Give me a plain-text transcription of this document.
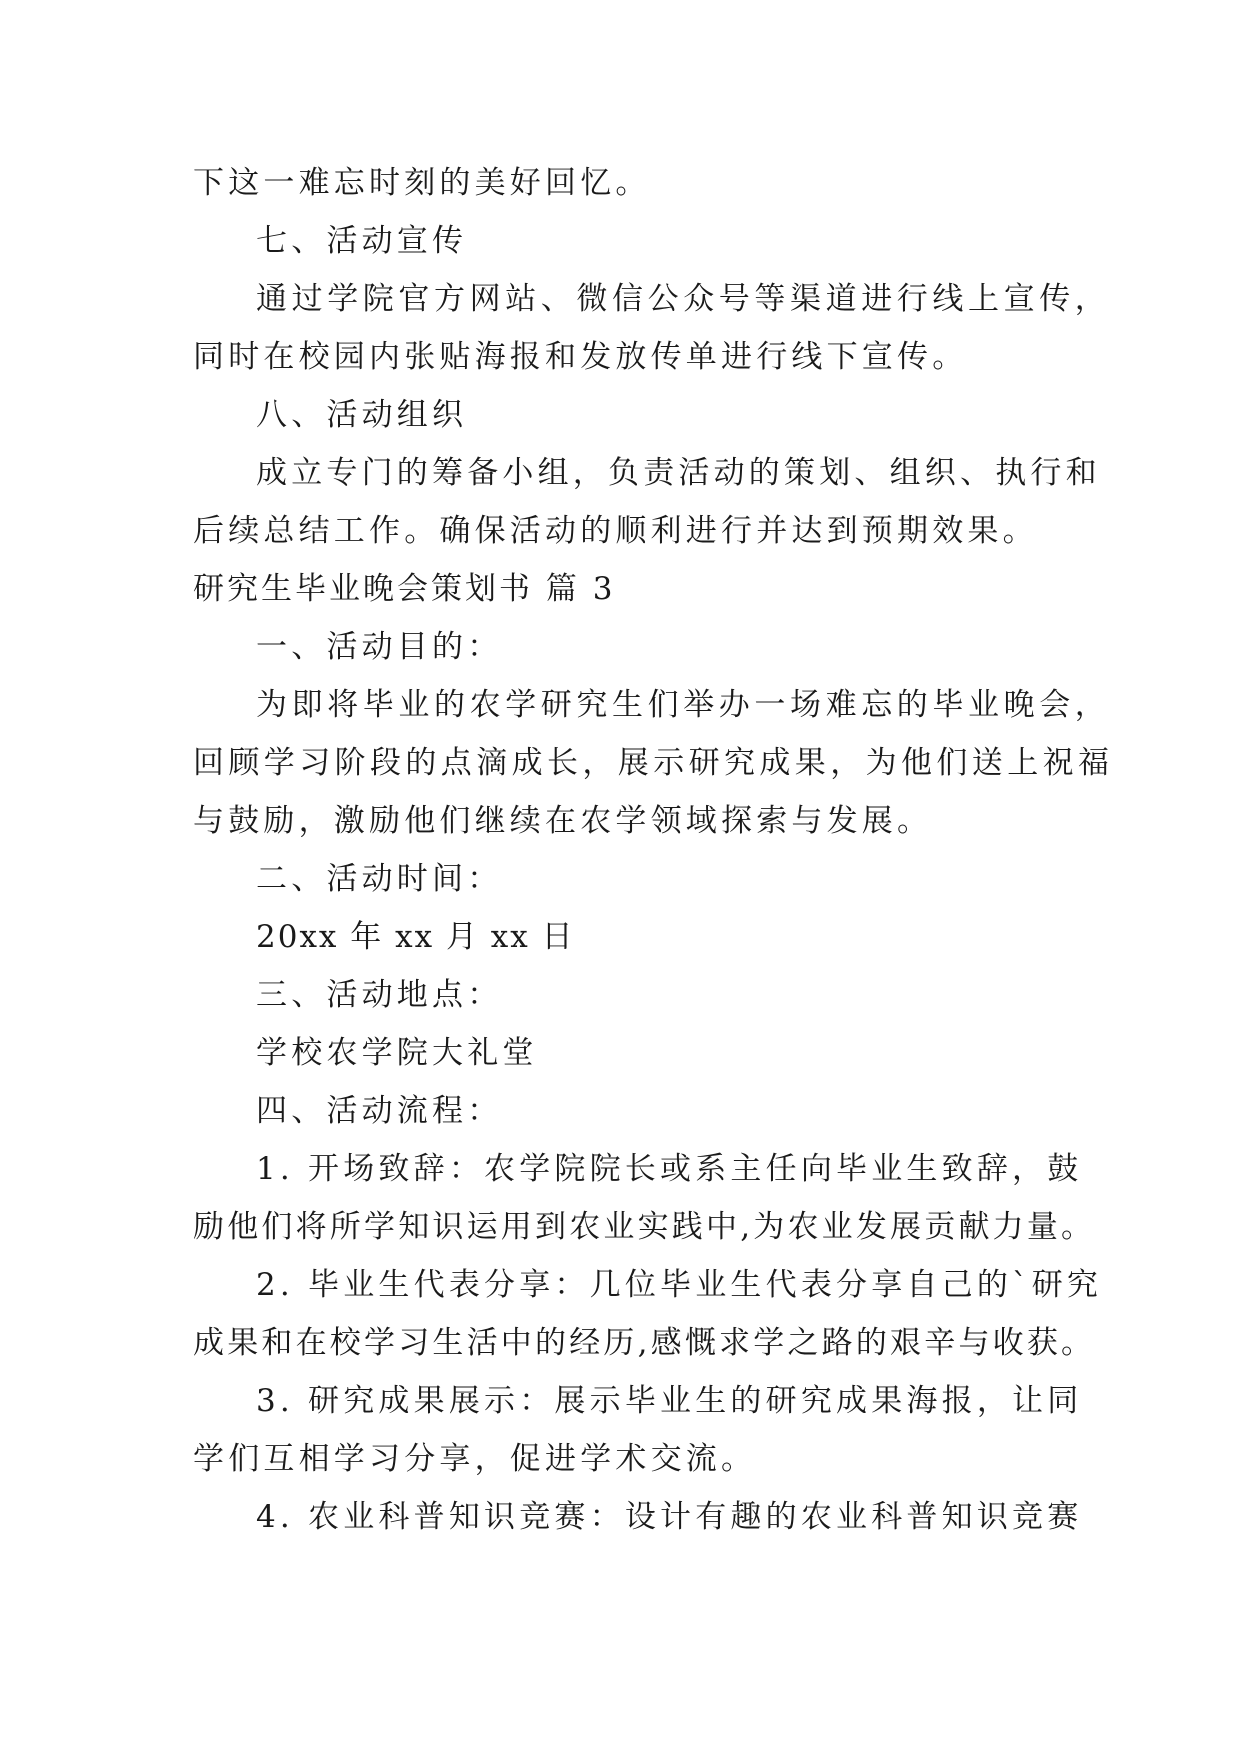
下这一难忘时刻的美好回忆。
七、活动宣传
通过学院官方网站、微信公众号等渠道进行线上宣传，
同时在校园内张贴海报和发放传单进行线下宣传。
八、活动组织
成立专门的筹备小组，负责活动的策划、组织、执行和
后续总结工作。确保活动的顺利进行并达到预期效果。
研究生毕业晚会策划书 篇 3
一、活动目的：
为即将毕业的农学研究生们举办一场难忘的毕业晚会，
回顾学习阶段的点滴成长，展示研究成果，为他们送上祝福
与鼓励，激励他们继续在农学领域探索与发展。
二、活动时间：
20xx 年 xx 月 xx 日
三、活动地点：
学校农学院大礼堂
四、活动流程：
1. 开场致辞：农学院院长或系主任向毕业生致辞，鼓
励他们将所学知识运用到农业实践中,为农业发展贡献力量。
2. 毕业生代表分享：几位毕业生代表分享自己的`研究
成果和在校学习生活中的经历,感慨求学之路的艰辛与收获。
3. 研究成果展示：展示毕业生的研究成果海报，让同
学们互相学习分享，促进学术交流。
4. 农业科普知识竞赛：设计有趣的农业科普知识竞赛
